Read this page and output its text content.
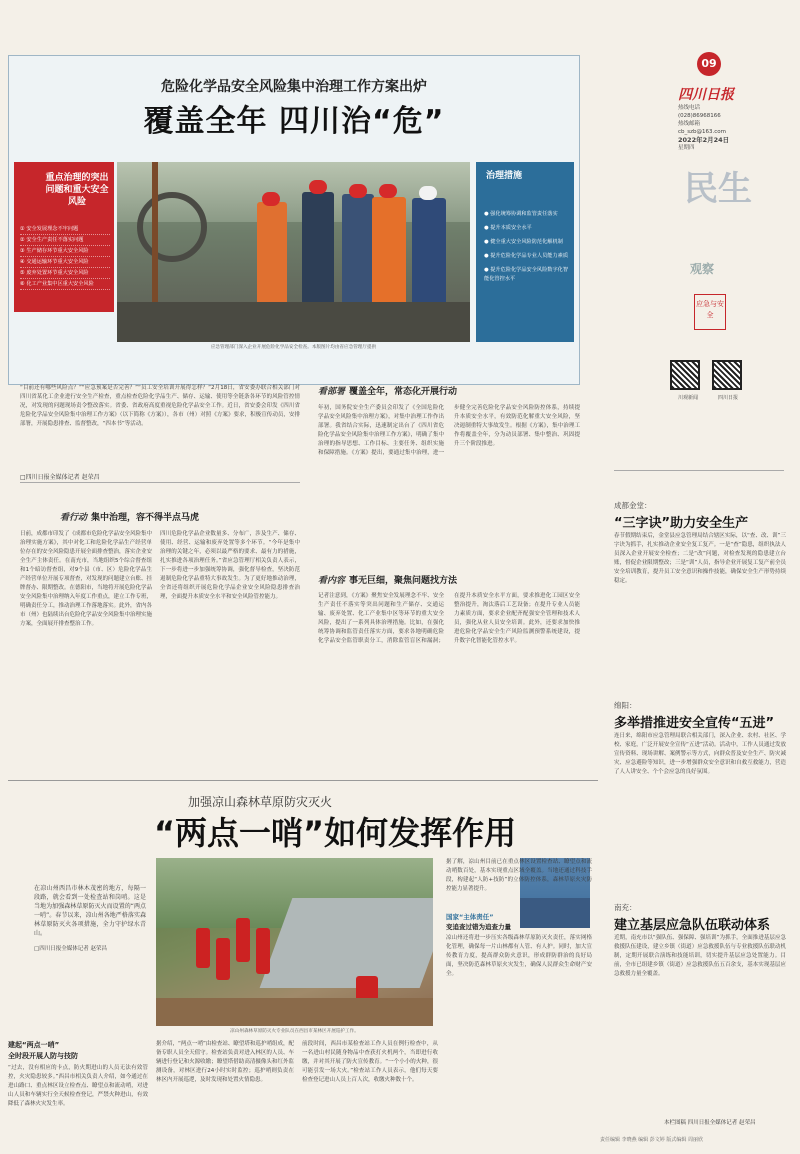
危险化学品安全风险集中治理工作方案出炉
覆盖全年 四川治“危”
重点治理的突出问题和重大安全风险
① 安全发展理念不牢问题
② 安全生产责任不落实问题
③ 生产储存环节重大安全风险
④ 交通运输环节重大安全风险
⑤ 废弃处置环节重大安全风险
⑥ 化工产业集中区重大安全风险
应急管理部门深入企业开展危险化学品安全检查。本版图片均由省应急管理厅提供
治理措施
● 强化统筹协调和监管责任落实
● 提升本质安全水平
● 健全重大安全风险防范化解机制
● 提升危险化学品专业人员能力素质
● 提升危险化学品安全风险数字化智能化管控水平
“目前还有哪些风险点？”“应急预案是否完善？”“员工安全培训开展得怎样？”2月18日，省安委办联合相关部门对四川省某化工企业进行安全生产检查，重点检查危险化学品生产、储存、运输、使用等全链条各环节的风险管控情况，对发现的问题现场责令整改落实。省委、省政府高度重视危险化学品安全工作。近日，省安委会印发《四川省危险化学品安全风险集中治理工作方案》（以下简称《方案》），各市（州）对照《方案》要求，积极宣传动员，安排部署，开展隐患排查、监督整改，“四本书”等活动。
□四川日报全媒体记者 赵荣昌
看行动 集中治理，容不得半点马虎
日前，成都市印发了《成都市危险化学品安全风险集中治理实施方案》，其中对化工和危险化学品生产经营单位存在的安全风险隐患开展全面排查整治，落实企业安全生产主体责任。在南充市，当地组织5个综合督查组和1个暗访督查组，对9个县（市、区）危险化学品生产经营单位开展专项督查，对发现的问题建立台账、挂牌督办、限期整改。在德阳市，当地将开展危险化学品安全风险集中治理纳入年度工作重点，建立工作专班，明确责任分工，推动治理工作落地落实。此外，省内各市（州）也陆续出台危险化学品安全风险集中治理实施方案，全面展开排查整治工作。
四川危险化学品企业数量多、分布广，涉及生产、储存、使用、经营、运输和废弃处置等多个环节。“今年是集中治理的关键之年，必须以最严格的要求、最有力的措施，扎实推进各项治理任务。”省应急管理厅相关负责人表示，下一步将进一步加强统筹协调，强化督导检查，坚决防范遏制危险化学品重特大事故发生。为了更好地推动治理，全省还将组织开展危险化学品企业安全风险隐患排查治理，全面提升本质安全水平和安全风险管控能力。
看部署 覆盖全年，常态化开展行动
年初，国务院安全生产委员会印发了《全国危险化学品安全风险集中治理方案》，对集中治理工作作出部署。我省结合实际，迅速制定出台了《四川省危险化学品安全风险集中治理工作方案》，明确了集中治理的指导思想、工作目标、主要任务、组织实施和保障措施。《方案》提出，要通过集中治理，进一步健全完善危险化学品安全风险防控体系，持续提升本质安全水平，有效防范化解重大安全风险，坚决遏制重特大事故发生。根据《方案》，集中治理工作将覆盖全年，分为动员部署、集中整治、巩固提升三个阶段推进。
看内容 事无巨细，聚焦问题找方法
记者注意到，《方案》聚焦安全发展理念不牢、安全生产责任不落实等突出问题和生产储存、交通运输、废弃处置、化工产业集中区等环节的重大安全风险，提出了一系列具体治理措施。比如，在强化统筹协调和监管责任落实方面，要求各地明确危险化学品安全监管职责分工，消除监管盲区和漏洞；在提升本质安全水平方面，要求推进化工园区安全整治提升，淘汰落后工艺设备；在提升专业人员能力素质方面，要求企业配齐配强安全管理和技术人员，强化从业人员安全培训。此外，还要求加快推进危险化学品安全生产风险监测预警系统建设，提升数字化智能化管控水平。
09
四川日报
热线电话
(028)86968166
热线邮箱
cb_szb@163.com
2022年2月24日
星期四
民生
观察
应急与安全
川观新闻	四川日报
成都金堂：
“三字诀”助力安全生产
春节假期结束后，金堂县应急管理局结合辖区实际，以“查、改、训”三字诀为抓手，扎实推动企业安全复工复产。一是“查”隐患，组织执法人员深入企业开展安全检查；二是“改”问题，对检查发现的隐患建立台账，督促企业限期整改；三是“训”人员，指导企业开展复工复产前全员安全培训教育，提升员工安全意识和操作技能，确保安全生产形势持续稳定。
绵阳：
多举措推进安全宣传“五进”
连日来，绵阳市应急管理局联合相关部门，深入企业、农村、社区、学校、家庭，广泛开展安全宣传“五进”活动。活动中，工作人员通过发放宣传资料、现场讲解、案例警示等方式，向群众普及安全生产、防灾减灾、应急避险等知识，进一步增强群众安全意识和自救互救能力，营造了人人讲安全、个个会应急的良好氛围。
南充：
建立基层应急队伍联动体系
近期，南充市以“强队伍、强保障、强培训”为抓手，全面推进基层应急救援队伍建设，建立乡镇（街道）应急救援队伍与专业救援队伍联动机制，定期开展联合演练和技能培训，切实提升基层应急处置能力。目前，全市已组建乡镇（街道）应急救援队伍五百余支，基本实现基层应急救援力量全覆盖。
本栏图稿 四川日报全媒体记者 赵荣昌
加强凉山森林草原防灾灭火
“两点一哨”如何发挥作用
在凉山州西昌市林木茂密的地方，每隔一段路，就会看到一处检查站和岗哨。这是当地为加强森林草原防灭火而设置的“两点一哨”。春节以来，凉山州各地严格落实森林草原防灭火各项措施，全力守护绿水青山。
□四川日报全媒体记者 赵荣昌
凉山州森林草原防灭火专业队员在西昌市某林区开展巡护工作。
建起“两点一哨”
全时段开展人防与技防
“过去，没有相应的卡点，防火期进山的人员无法有效管控，火灾隐患较多。”西昌市相关负责人介绍，如今通过在进山路口、重点林区设立检查点、瞭望点和流动哨，对进山人员和车辆实行全天候检查登记，严禁火种进山，有效降低了森林火灾发生率。
据介绍，“两点一哨”由检查站、瞭望塔和巡护哨组成，配备专职人员全天值守。检查站负责对进入林区的人员、车辆进行登记和火源收缴；瞭望塔借助高清摄像头和红外监测设备，对林区进行24小时实时监控；巡护哨则负责在林区内开展巡逻，及时发现和处置火情隐患。
前段时间，西昌市某检查站工作人员在例行检查中，从一名进山村民随身物品中查获打火机两个，当即进行收缴，并对其开展了防火宣传教育。“一个小小的火种，很可能引发一场大火。”检查站工作人员表示，他们每天要检查登记进山人员上百人次，收缴火种数十个。
据了解，凉山州目前已在重点林区设置检查站、瞭望点和流动哨数百处，基本实现重点区域全覆盖。当地还通过科技手段，构建起“人防+技防”的立体防控体系，森林草原火灾防控能力显著提升。
国家“主体责任”
变追查过错为追查力量
凉山州还将进一步压实各级森林草原防灭火责任，落实网格化管理，确保每一片山林都有人管、有人护。同时，加大宣传教育力度，提高群众防火意识，形成群防群治的良好局面，坚决防范森林草原火灾发生，确保人民群众生命财产安全。
责任编辑 李晓燕 编辑 彭文婷 版式编辑 周丽欣
